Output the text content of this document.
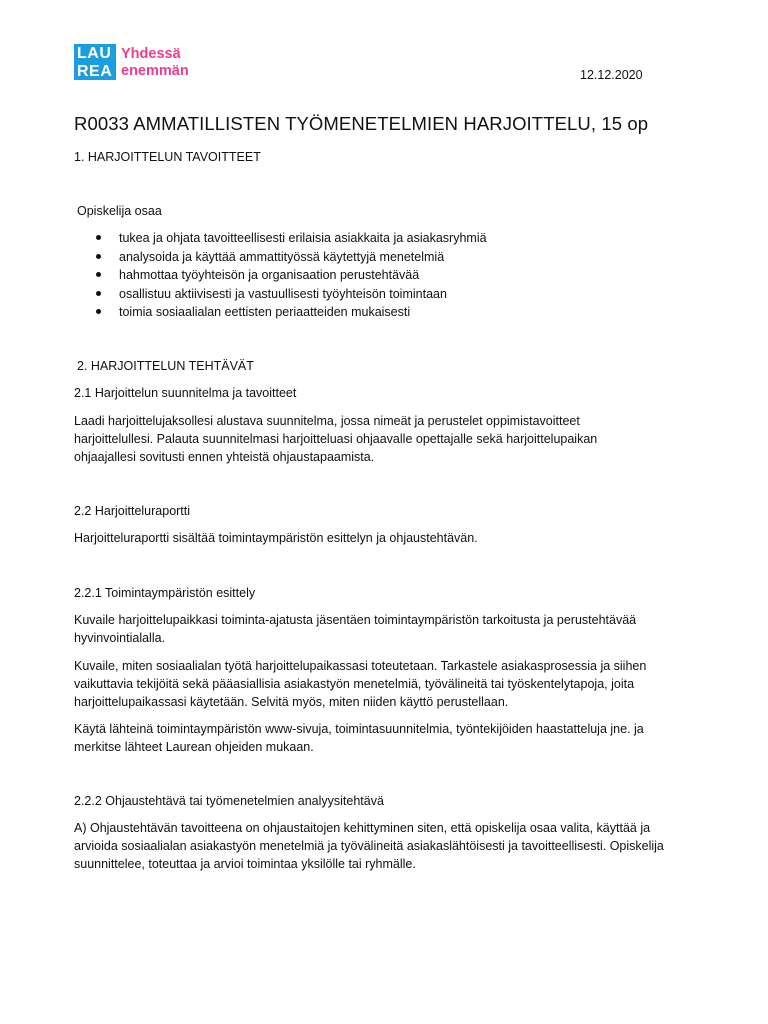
LAU
REA
Yhdessä
enemmän	12.12.2020
R0033 AMMATILLISTEN TYÖMENETELMIEN HARJOITTELU, 15 op
1. HARJOITTELUN TAVOITTEET
Opiskelija osaa
tukea ja ohjata tavoitteellisesti erilaisia asiakkaita ja asiakasryhmiä
analysoida ja käyttää ammattityössä käytettyjä menetelmiä
hahmottaa työyhteisön ja organisaation perustehtävää
osallistuu aktiivisesti ja vastuullisesti työyhteisön toimintaan
toimia sosiaalialan eettisten periaatteiden mukaisesti
2. HARJOITTELUN TEHTÄVÄT
2.1 Harjoittelun suunnitelma ja tavoitteet
Laadi harjoittelujaksollesi alustava suunnitelma, jossa nimeät ja perustelet oppimistavoitteet
harjoittelullesi. Palauta suunnitelmasi harjoitteluasi ohjaavalle opettajalle sekä harjoittelupaikan
ohjaajallesi sovitusti ennen yhteistä ohjaustapaamista.
2.2 Harjoitteluraportti
Harjoitteluraportti sisältää toimintaympäristön esittelyn ja ohjaustehtävän.
2.2.1 Toimintaympäristön esittely
Kuvaile harjoittelupaikkasi toiminta-ajatusta jäsentäen toimintaympäristön tarkoitusta ja perustehtävää
hyvinvointialalla.
Kuvaile, miten sosiaalialan työtä harjoittelupaikassasi toteutetaan. Tarkastele asiakasprosessia ja siihen
vaikuttavia tekijöitä sekä pääasiallisia asiakastyön menetelmiä, työvälineitä tai työskentelytapoja, joita
harjoittelupaikassasi käytetään. Selvitä myös, miten niiden käyttö perustellaan.
Käytä lähteinä toimintaympäristön www-sivuja, toimintasuunnitelmia, työntekijöiden haastatteluja jne. ja
merkitse lähteet Laurean ohjeiden mukaan.
2.2.2 Ohjaustehtävä tai työmenetelmien analyysitehtävä
A) Ohjaustehtävän tavoitteena on ohjaustaitojen kehittyminen siten, että opiskelija osaa valita, käyttää ja
arvioida sosiaalialan asiakastyön menetelmiä ja työvälineitä asiakaslähtöisesti ja tavoitteellisesti. Opiskelija
suunnittelee, toteuttaa ja arvioi toimintaa yksilölle tai ryhmälle.
